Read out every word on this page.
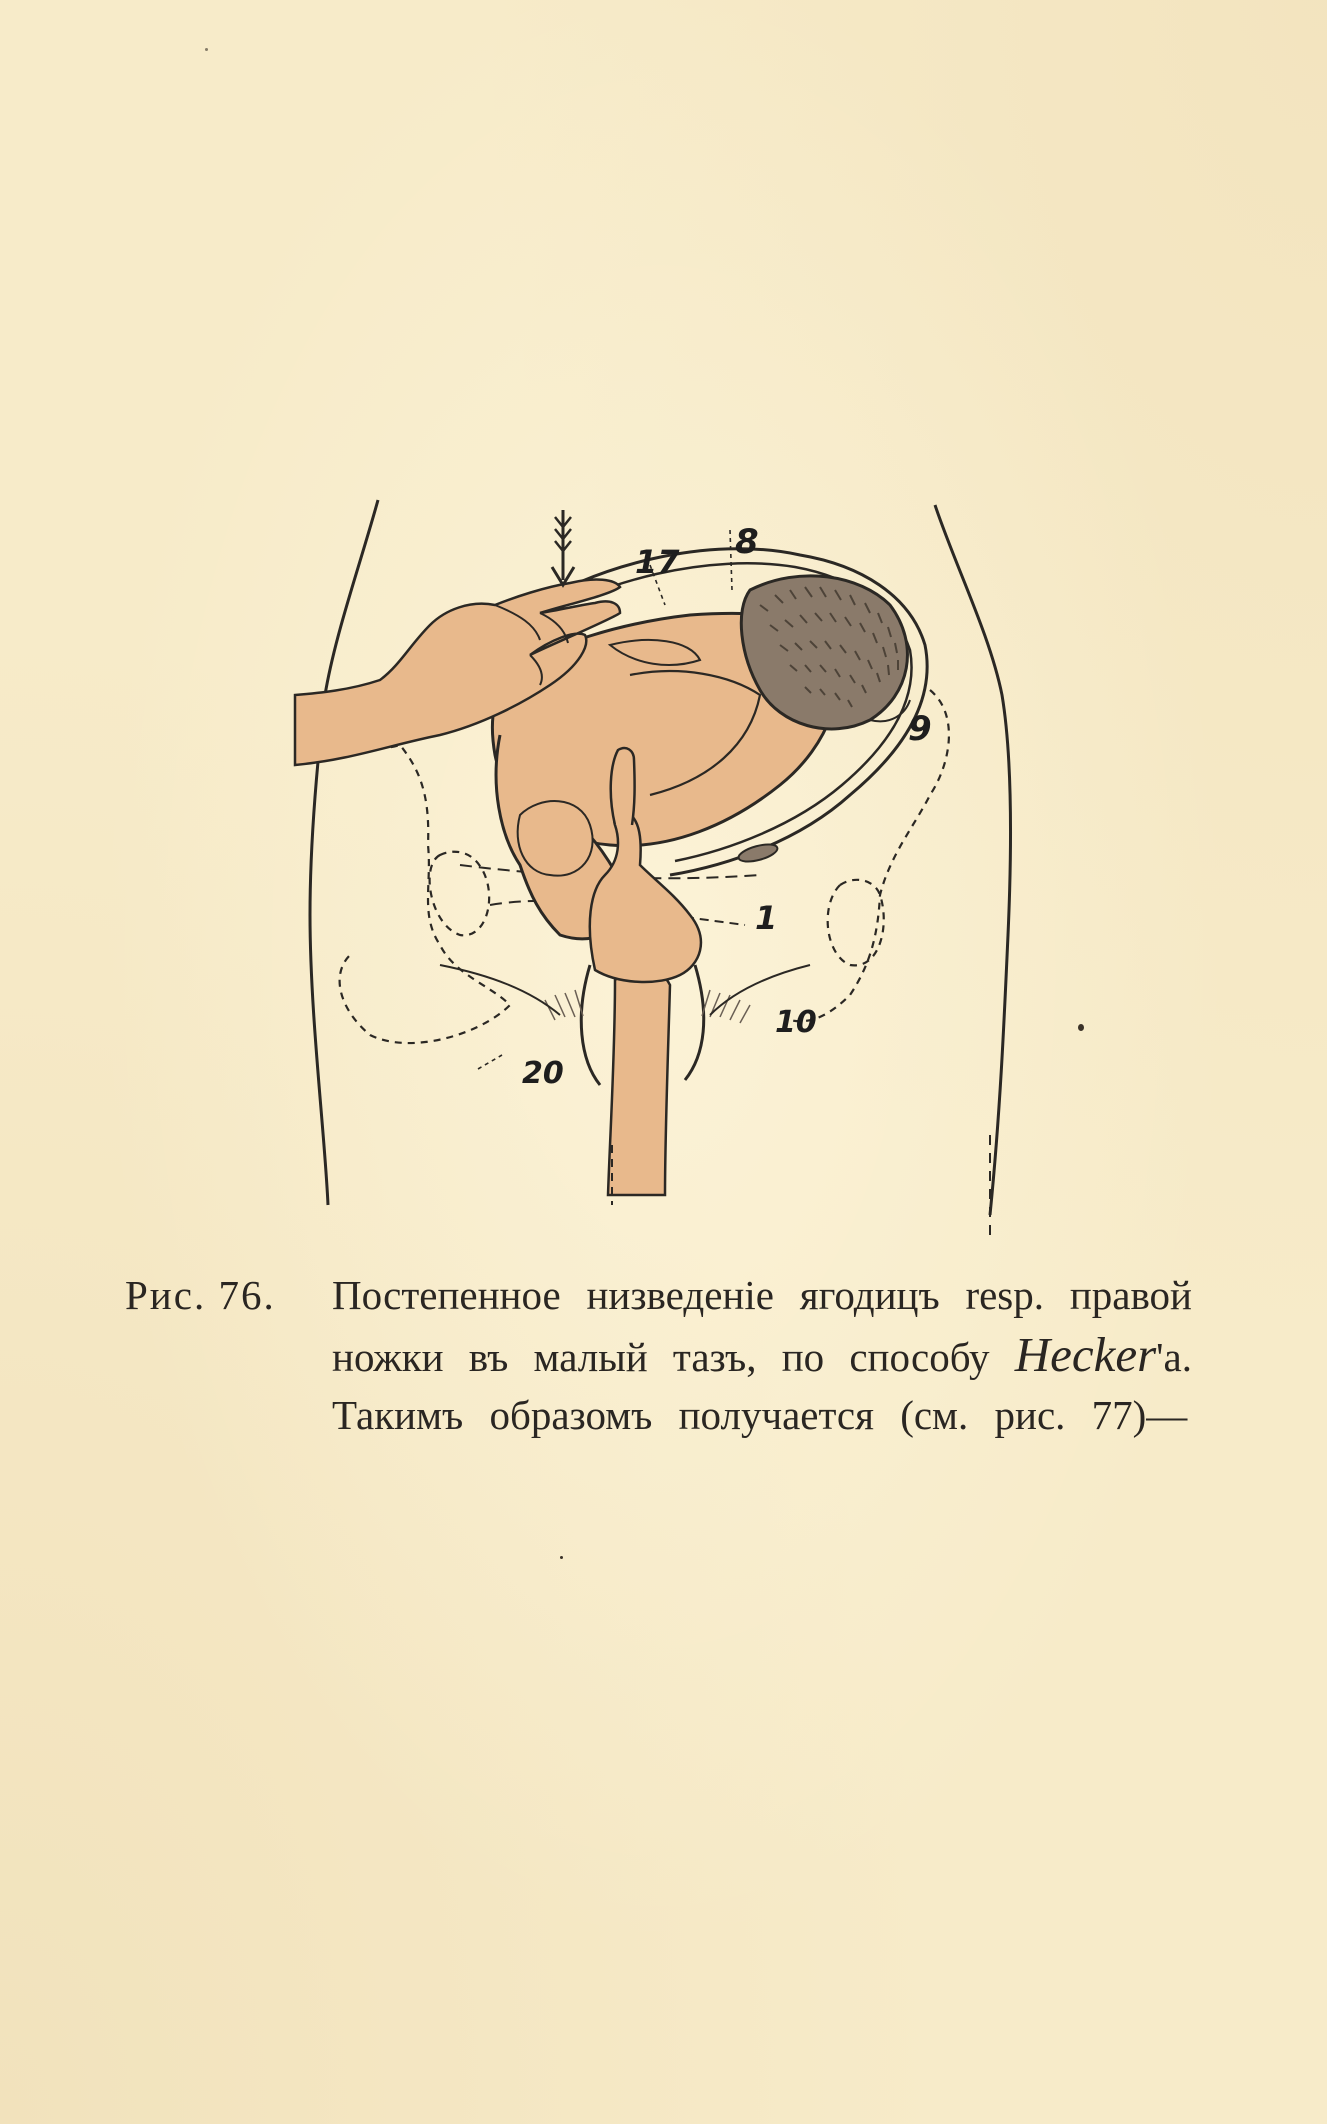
17 8
9
1
10
20
Рис. 76. Постепенное низведенiе ягодицъ resp. правой
ножки въ малый тазъ, по способу Hecker'а.
Такимъ образомъ получается (см. рис. 77)—
